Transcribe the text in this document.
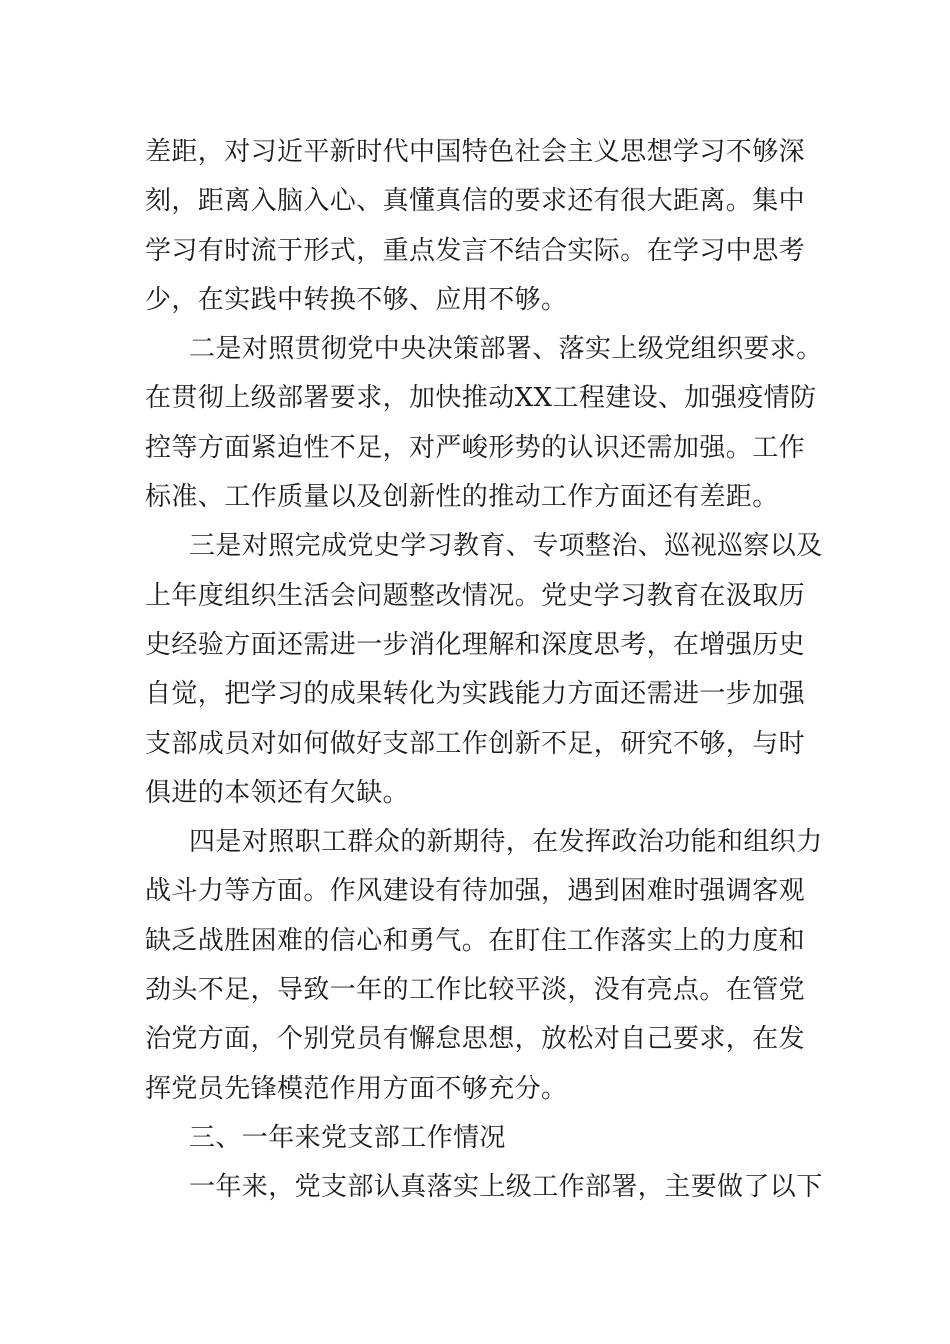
差距，对习近平新时代中国特色社会主义思想学习不够深
刻，距离入脑入心、真懂真信的要求还有很大距离。集中
学习有时流于形式，重点发言不结合实际。在学习中思考
少，在实践中转换不够、应用不够。
二是对照贯彻党中央决策部署、落实上级党组织要求。
在贯彻上级部署要求，加快推动XX工程建设、加强疫情防
控等方面紧迫性不足，对严峻形势的认识还需加强。工作
标准、工作质量以及创新性的推动工作方面还有差距。
三是对照完成党史学习教育、专项整治、巡视巡察以及
上年度组织生活会问题整改情况。党史学习教育在汲取历
史经验方面还需进一步消化理解和深度思考，在增强历史
自觉，把学习的成果转化为实践能力方面还需进一步加强
支部成员对如何做好支部工作创新不足，研究不够，与时
俱进的本领还有欠缺。
四是对照职工群众的新期待，在发挥政治功能和组织力
战斗力等方面。作风建设有待加强，遇到困难时强调客观
缺乏战胜困难的信心和勇气。在盯住工作落实上的力度和
劲头不足，导致一年的工作比较平淡，没有亮点。在管党
治党方面，个别党员有懈怠思想，放松对自己要求，在发
挥党员先锋模范作用方面不够充分。
三、一年来党支部工作情况
一年来，党支部认真落实上级工作部署，主要做了以下
